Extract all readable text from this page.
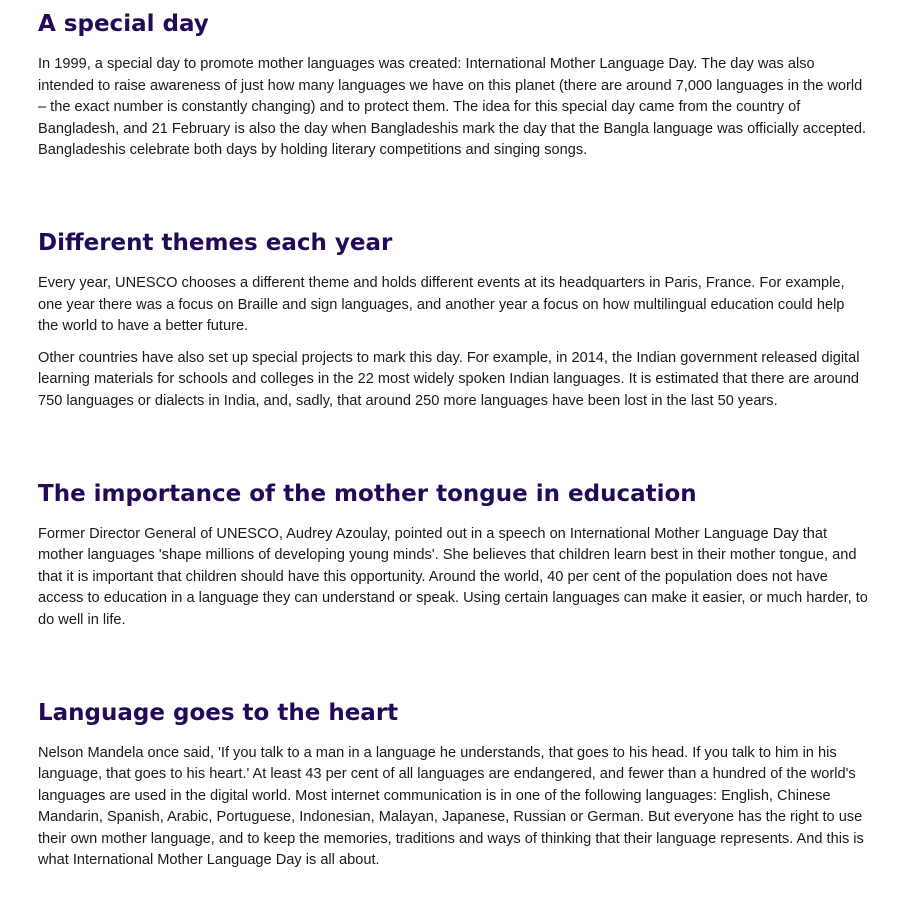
A special day

In 1999, a special day to promote mother languages was created: International Mother Language Day. The day was also intended to raise awareness of just how many languages we have on this planet (there are around 7,000 languages in the world – the exact number is constantly changing) and to protect them. The idea for this special day came from the country of Bangladesh, and 21 February is also the day when Bangladeshis mark the day that the Bangla language was officially accepted. Bangladeshis celebrate both days by holding literary competitions and singing songs.

Different themes each year

Every year, UNESCO chooses a different theme and holds different events at its headquarters in Paris, France. For example, one year there was a focus on Braille and sign languages, and another year a focus on how multilingual education could help the world to have a better future.

Other countries have also set up special projects to mark this day. For example, in 2014, the Indian government released digital learning materials for schools and colleges in the 22 most widely spoken Indian languages. It is estimated that there are around 750 languages or dialects in India, and, sadly, that around 250 more languages have been lost in the last 50 years.

The importance of the mother tongue in education

Former Director General of UNESCO, Audrey Azoulay, pointed out in a speech on International Mother Language Day that mother languages 'shape millions of developing young minds'. She believes that children learn best in their mother tongue, and that it is important that children should have this opportunity. Around the world, 40 per cent of the population does not have access to education in a language they can understand or speak. Using certain languages can make it easier, or much harder, to do well in life.

Language goes to the heart

Nelson Mandela once said, 'If you talk to a man in a language he understands, that goes to his head. If you talk to him in his language, that goes to his heart.' At least 43 per cent of all languages are endangered, and fewer than a hundred of the world's languages are used in the digital world. Most internet communication is in one of the following languages: English, Chinese Mandarin, Spanish, Arabic, Portuguese, Indonesian, Malayan, Japanese, Russian or German. But everyone has the right to use their own mother language, and to keep the memories, traditions and ways of thinking that their language represents. And this is what International Mother Language Day is all about.
